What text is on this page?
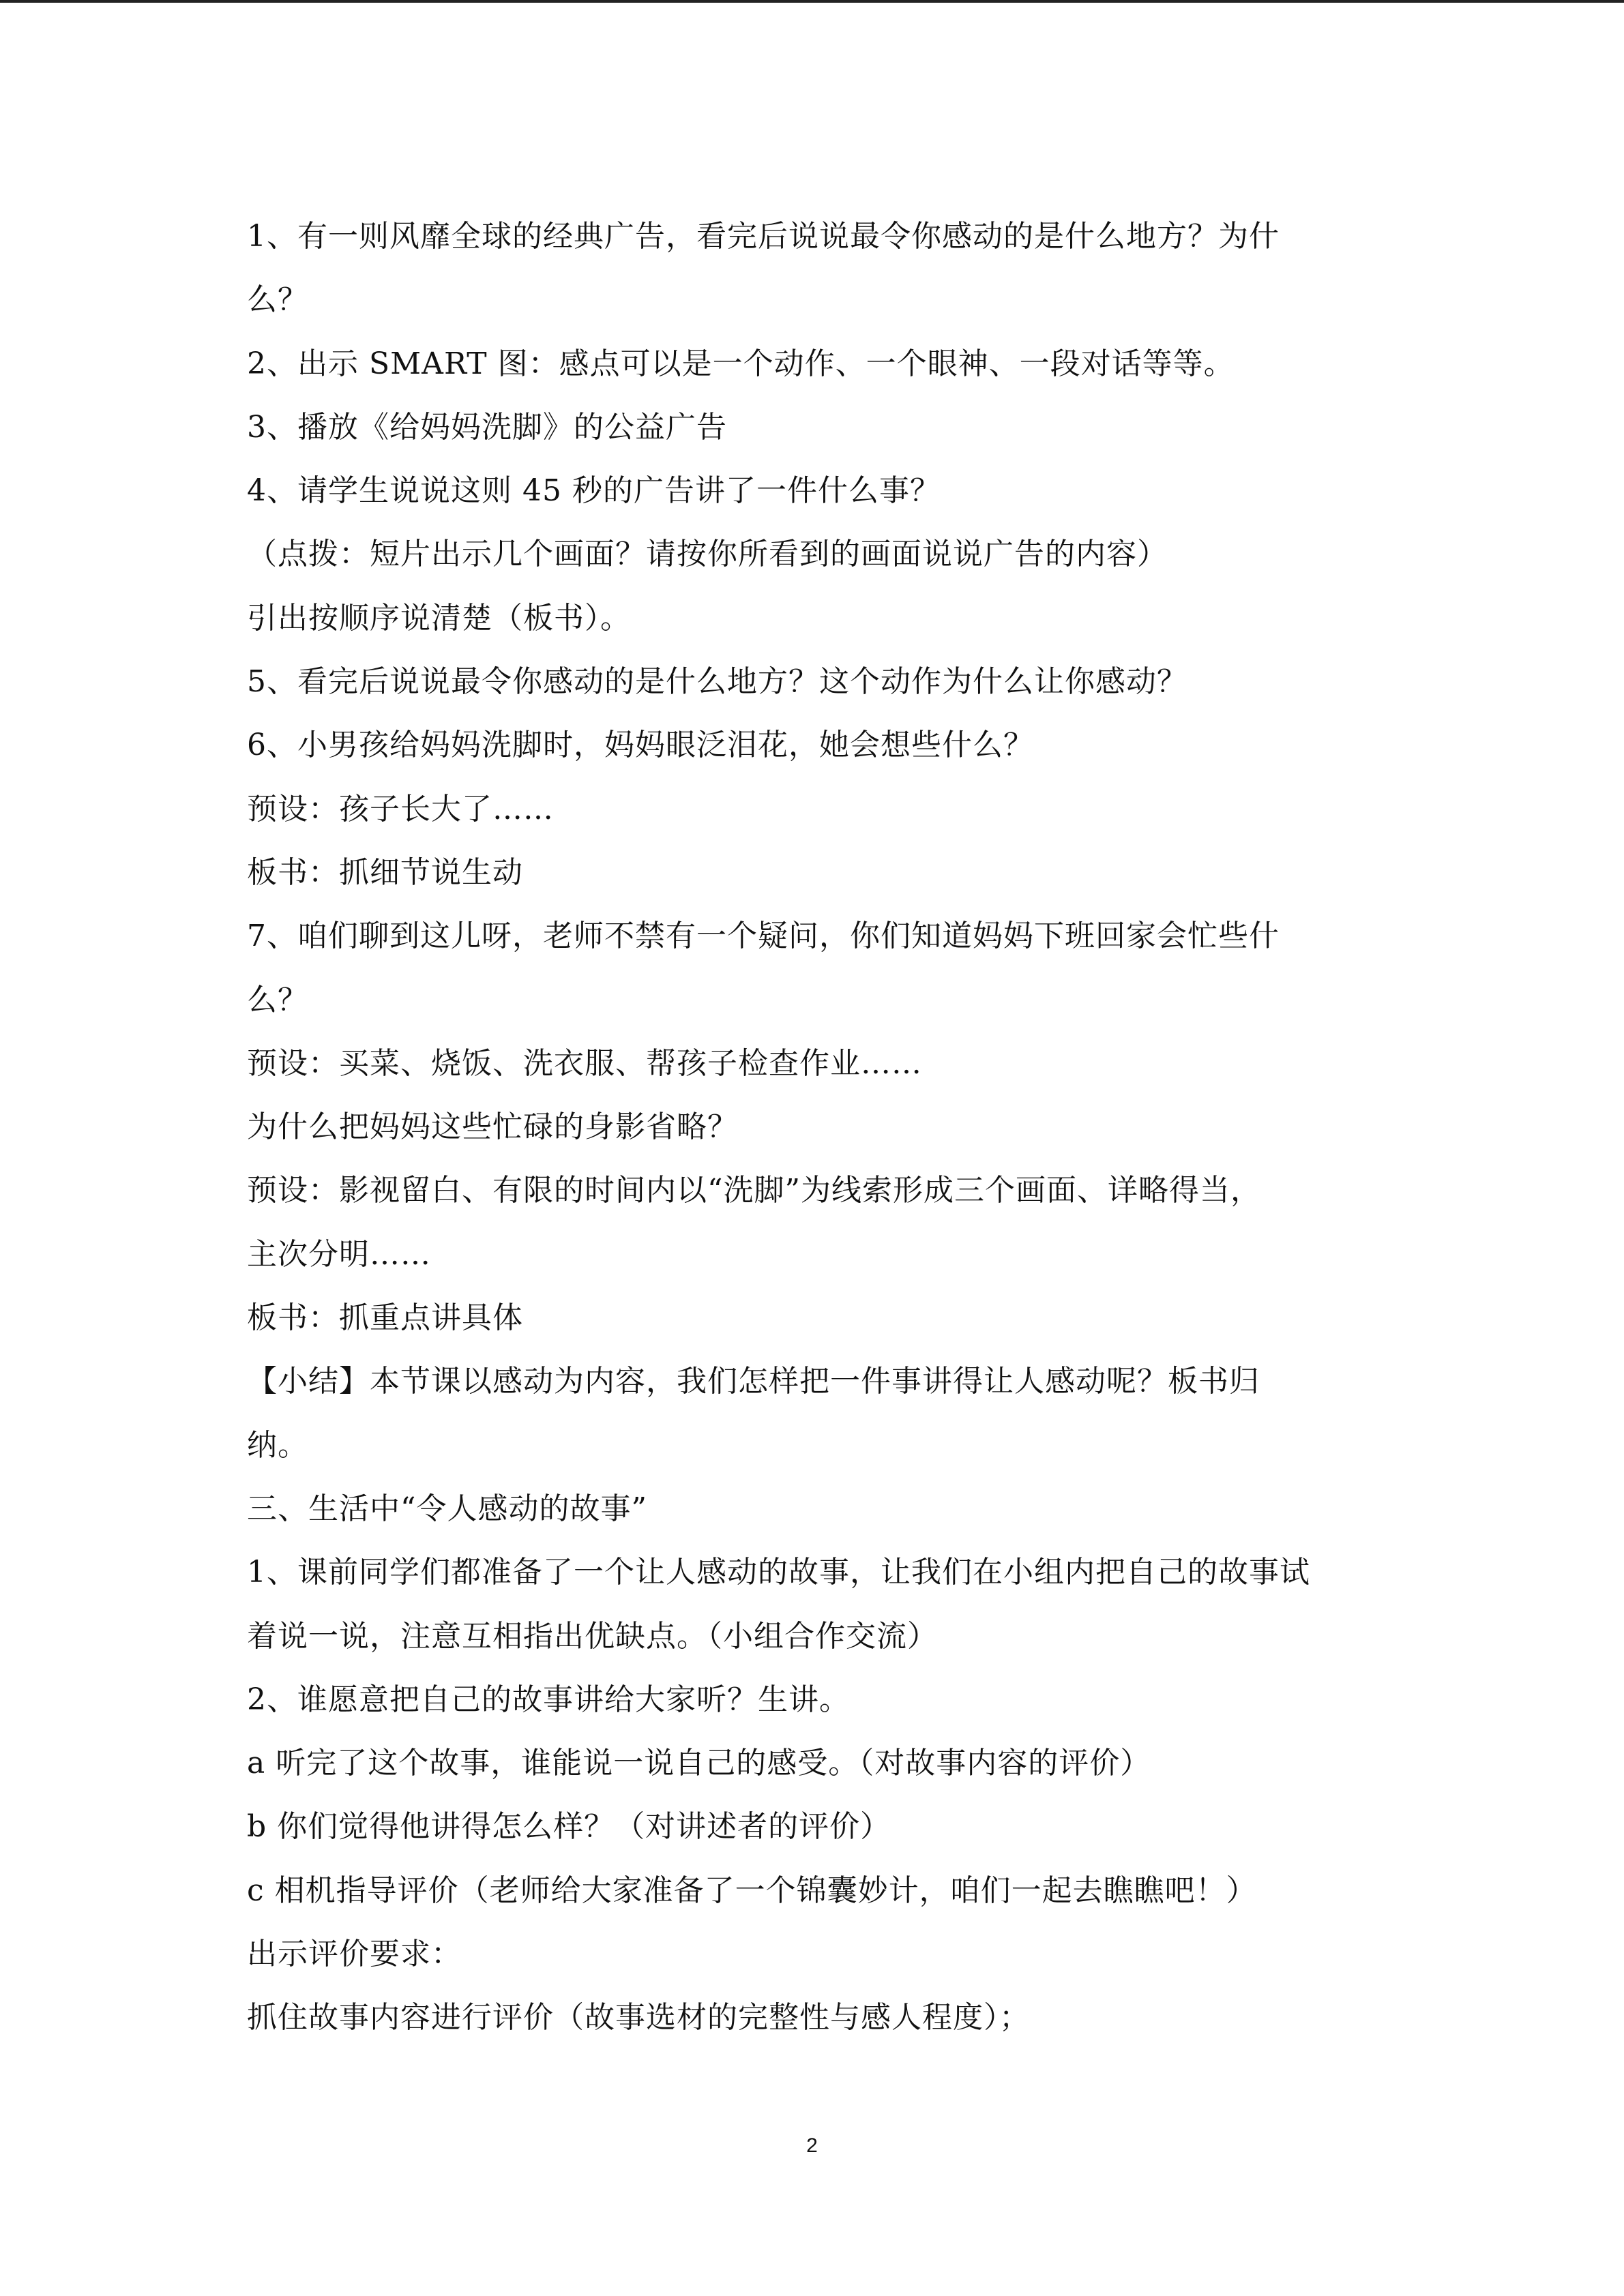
1、有一则风靡全球的经典广告，看完后说说最令你感动的是什么地方？为什
么？
2、出示 SMART 图：感点可以是一个动作、一个眼神、一段对话等等。
3、播放《给妈妈洗脚》的公益广告
4、请学生说说这则 45 秒的广告讲了一件什么事？
（点拨：短片出示几个画面？请按你所看到的画面说说广告的内容）
引出按顺序说清楚（板书）。
5、看完后说说最令你感动的是什么地方？这个动作为什么让你感动？
6、小男孩给妈妈洗脚时，妈妈眼泛泪花，她会想些什么？
预设：孩子长大了……
板书：抓细节说生动
7、咱们聊到这儿呀，老师不禁有一个疑问，你们知道妈妈下班回家会忙些什
么？
预设：买菜、烧饭、洗衣服、帮孩子检查作业……
为什么把妈妈这些忙碌的身影省略？
预设：影视留白、有限的时间内以“洗脚”为线索形成三个画面、详略得当，
主次分明……
板书：抓重点讲具体
【小结】本节课以感动为内容，我们怎样把一件事讲得让人感动呢？板书归
纳。
三、生活中“令人感动的故事”
1、课前同学们都准备了一个让人感动的故事，让我们在小组内把自己的故事试
着说一说，注意互相指出优缺点。（小组合作交流）
2、谁愿意把自己的故事讲给大家听？生讲。
a 听完了这个故事，谁能说一说自己的感受。（对故事内容的评价）
b 你们觉得他讲得怎么样？（对讲述者的评价）
c 相机指导评价（老师给大家准备了一个锦囊妙计，咱们一起去瞧瞧吧！）
出示评价要求：
抓住故事内容进行评价（故事选材的完整性与感人程度）；
2
